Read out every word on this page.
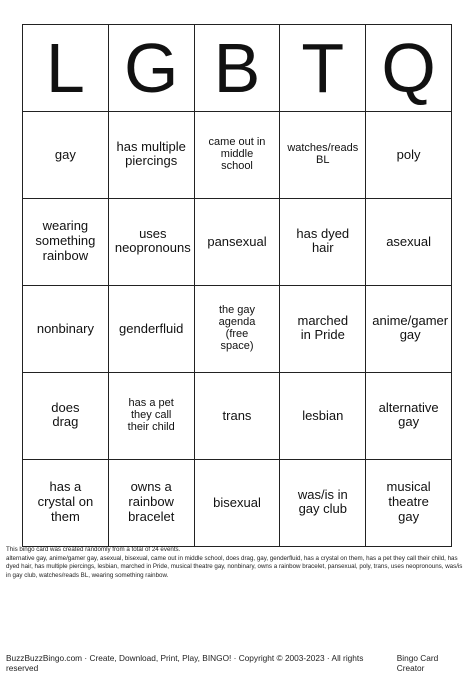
L	G	B	T	Q
gay	has multiple piercings	came out in middle school	watches/reads BL	poly
wearing something rainbow	uses neopronouns	pansexual	has dyed hair	asexual
nonbinary	genderfluid	the gay agenda (free space)	marched in Pride	anime/gamer gay
does drag	has a pet they call their child	trans	lesbian	alternative gay
has a crystal on them	owns a rainbow bracelet	bisexual	was/is in gay club	musical theatre gay

This bingo card was created randomly from a total of 24 events.

alternative gay, anime/gamer gay, asexual, bisexual, came out in middle school, does drag, gay, genderfluid, has a crystal on them, has a pet they call their child, has dyed hair, has multiple piercings, lesbian, marched in Pride, musical theatre gay, nonbinary, owns a rainbow bracelet, pansexual, poly, trans, uses neopronouns, was/is in gay club, watches/reads BL, wearing something rainbow.

BuzzBuzzBingo.com · Create, Download, Print, Play, BINGO! · Copyright © 2003-2023 · All rights reserved
Bingo Card Creator
